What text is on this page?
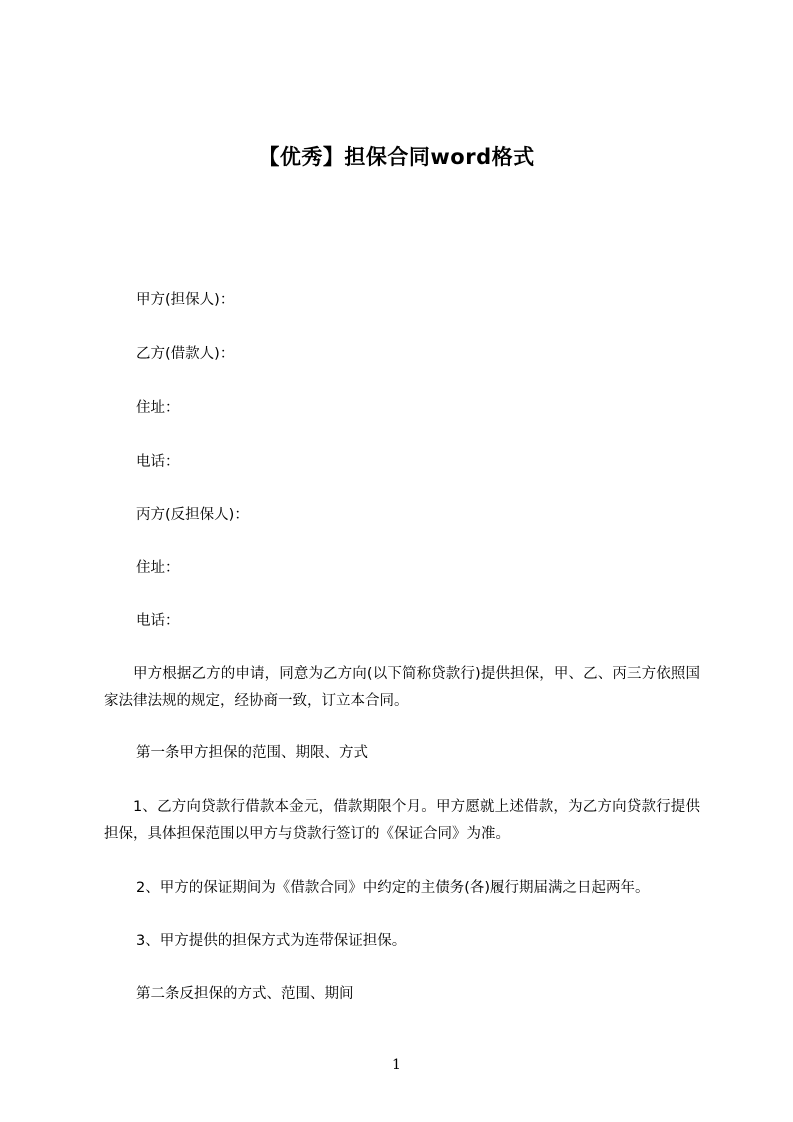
【优秀】担保合同word格式
甲方(担保人)：
乙方(借款人)：
住址：
电话：
丙方(反担保人)：
住址：
电话：
甲方根据乙方的申请，同意为乙方向(以下简称贷款行)提供担保，甲、乙、丙三方依照国家法律法规的规定，经协商一致，订立本合同。
第一条甲方担保的范围、期限、方式
1、乙方向贷款行借款本金元，借款期限个月。甲方愿就上述借款，为乙方向贷款行提供担保，具体担保范围以甲方与贷款行签订的《保证合同》为准。
2、甲方的保证期间为《借款合同》中约定的主债务(各)履行期届满之日起两年。
3、甲方提供的担保方式为连带保证担保。
第二条反担保的方式、范围、期间
1
